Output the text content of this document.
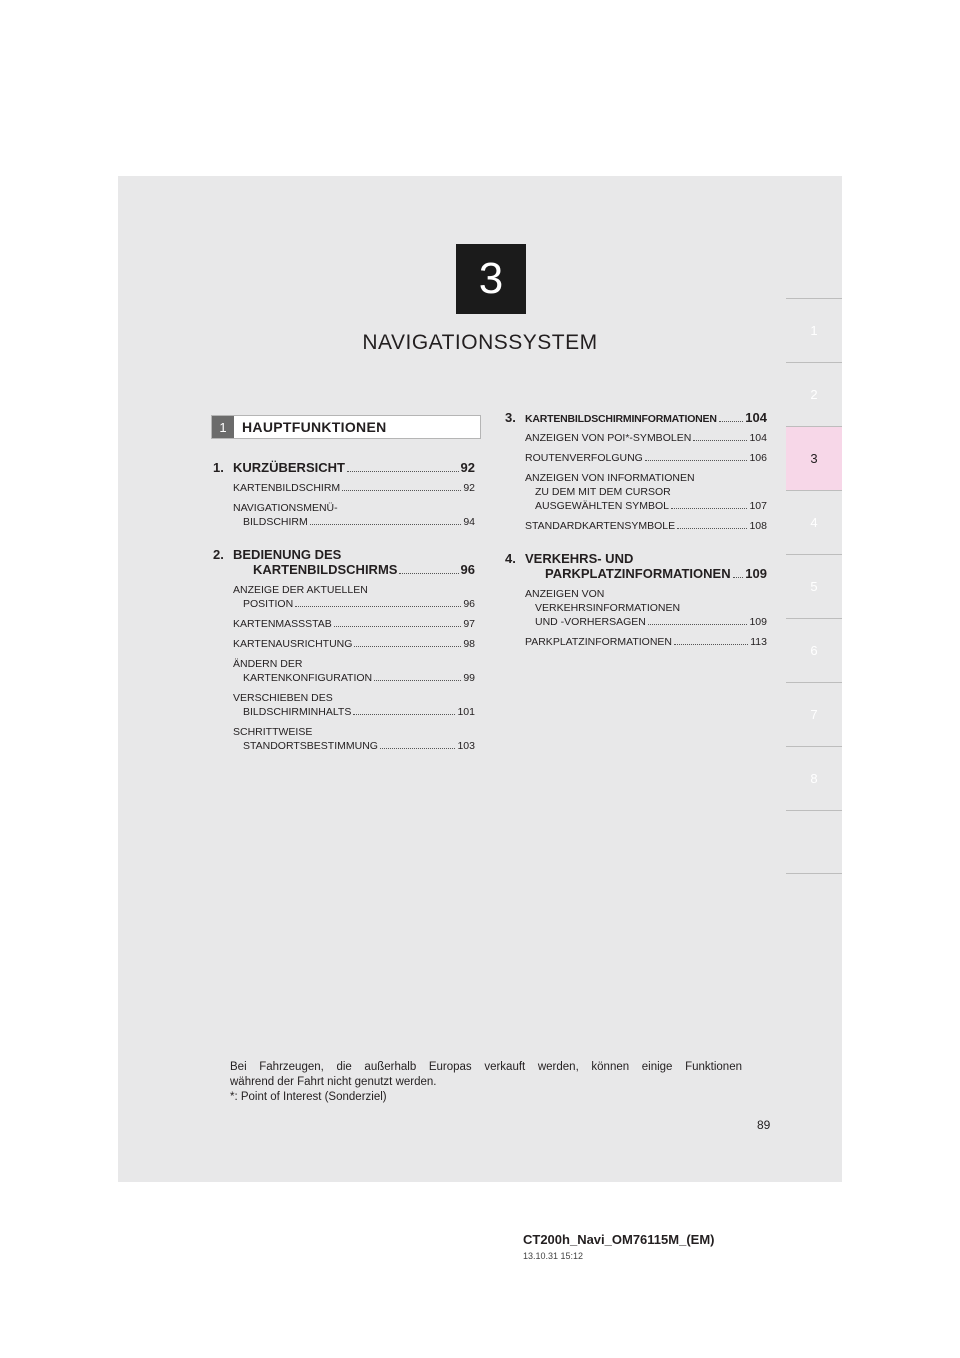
3
NAVIGATIONSSYSTEM
1
2
3
4
5
6
7
8
1	HAUPTFUNKTIONEN
1. KURZÜBERSICHT	92
KARTENBILDSCHIRM	92
NAVIGATIONSMENÜ-
BILDSCHIRM	94
2. BEDIENUNG DES
KARTENBILDSCHIRMS	96
ANZEIGE DER AKTUELLEN
POSITION	96
KARTENMASSSTAB	97
KARTENAUSRICHTUNG	98
ÄNDERN DER
KARTENKONFIGURATION	99
VERSCHIEBEN DES
BILDSCHIRMINHALTS	101
SCHRITTWEISE
STANDORTSBESTIMMUNG	103
3. KARTENBILDSCHIRMINFORMATIONEN 104
ANZEIGEN VON POI*-SYMBOLEN	104
ROUTENVERFOLGUNG	106
ANZEIGEN VON INFORMATIONEN
ZU DEM MIT DEM CURSOR
AUSGEWÄHLTEN SYMBOL	107
STANDARDKARTENSYMBOLE	108
4. VERKEHRS- UND
PARKPLATZINFORMATIONEN 109
ANZEIGEN VON
VERKEHRSINFORMATIONEN
UND -VORHERSAGEN	109
PARKPLATZINFORMATIONEN	113
Bei Fahrzeugen, die außerhalb Europas verkauft werden, können einige Funktionen
während der Fahrt nicht genutzt werden.
*: Point of Interest (Sonderziel)
89
CT200h_Navi_OM76115M_(EM)
13.10.31 15:12
